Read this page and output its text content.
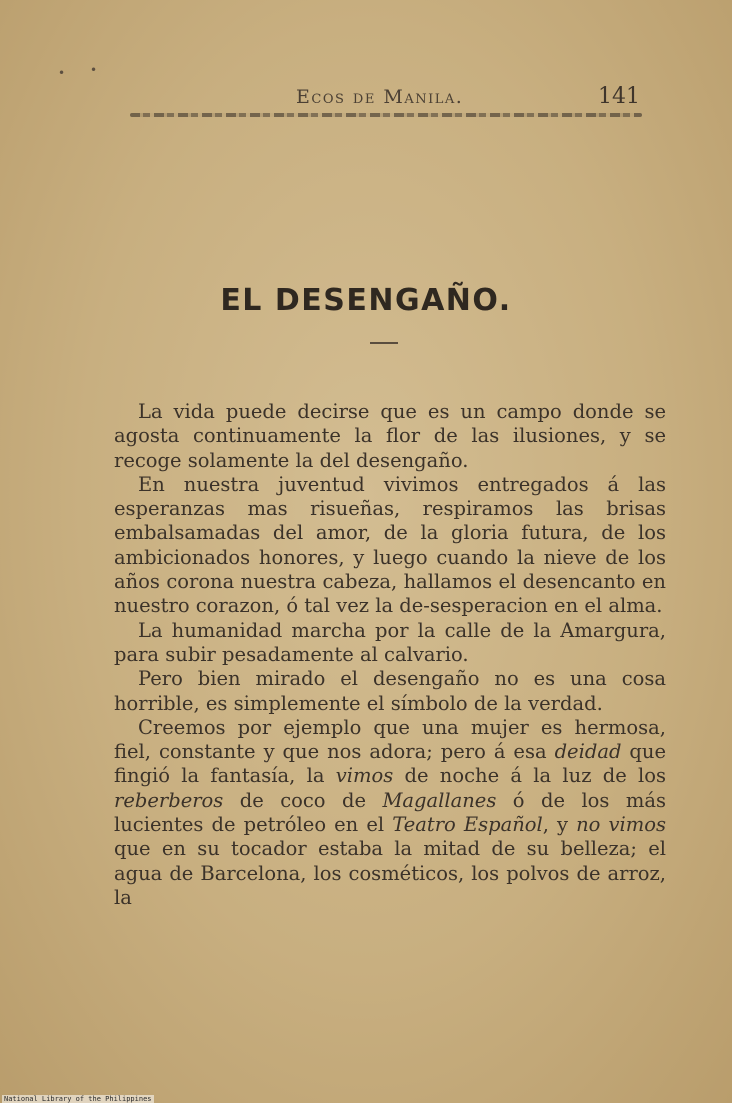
Ecos de Manila.	141
• •
EL DESENGAÑO.

La vida puede decirse que es un campo donde se agosta continuamente la flor de las ilusiones, y se recoge solamente la del desengaño.

En nuestra juventud vivimos entregados á las esperanzas mas risueñas, respiramos las brisas embalsamadas del amor, de la gloria futura, de los ambicionados honores, y luego cuando la nieve de los años corona nuestra cabeza, hallamos el desencanto en nuestro corazon, ó tal vez la de-sesperacion en el alma.

La humanidad marcha por la calle de la Amargura, para subir pesadamente al calvario.

Pero bien mirado el desengaño no es una cosa horrible, es simplemente el símbolo de la verdad.

Creemos por ejemplo que una mujer es hermosa, fiel, constante y que nos adora; pero á esa deidad que fingió la fantasía, la vimos de noche á la luz de los reberberos de coco de Magallanes ó de los más lucientes de petróleo en el Teatro Español, y no vimos que en su tocador estaba la mitad de su belleza; el agua de Barcelona, los cosméticos, los polvos de arroz, la

National Library of the Philippines
